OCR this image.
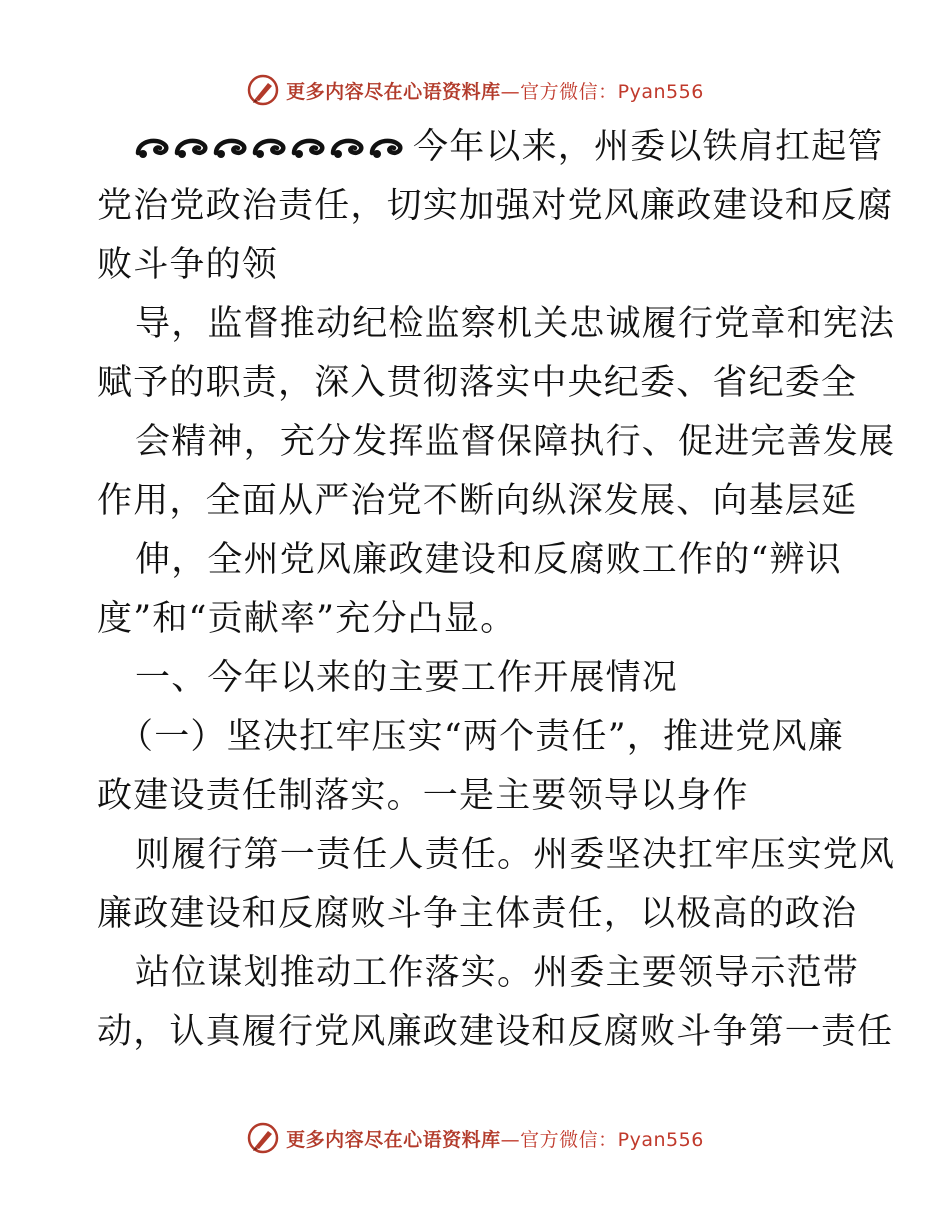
更多内容尽在心语资料库 —官方微信：Pyan556
今年以来，州委以铁肩扛起管
党治党政治责任，切实加强对党风廉政建设和反腐
败斗争的领
导，监督推动纪检监察机关忠诚履行党章和宪法
赋予的职责，深入贯彻落实中央纪委、省纪委全
会精神，充分发挥监督保障执行、促进完善发展
作用，全面从严治党不断向纵深发展、向基层延
伸，全州党风廉政建设和反腐败工作的“辨识
度”和“贡献率”充分凸显。
一、今年以来的主要工作开展情况
（一）坚决扛牢压实“两个责任”，推进党风廉
政建设责任制落实。一是主要领导以身作
则履行第一责任人责任。州委坚决扛牢压实党风
廉政建设和反腐败斗争主体责任，以极高的政治
站位谋划推动工作落实。州委主要领导示范带
动，认真履行党风廉政建设和反腐败斗争第一责任
更多内容尽在心语资料库 —官方微信：Pyan556
